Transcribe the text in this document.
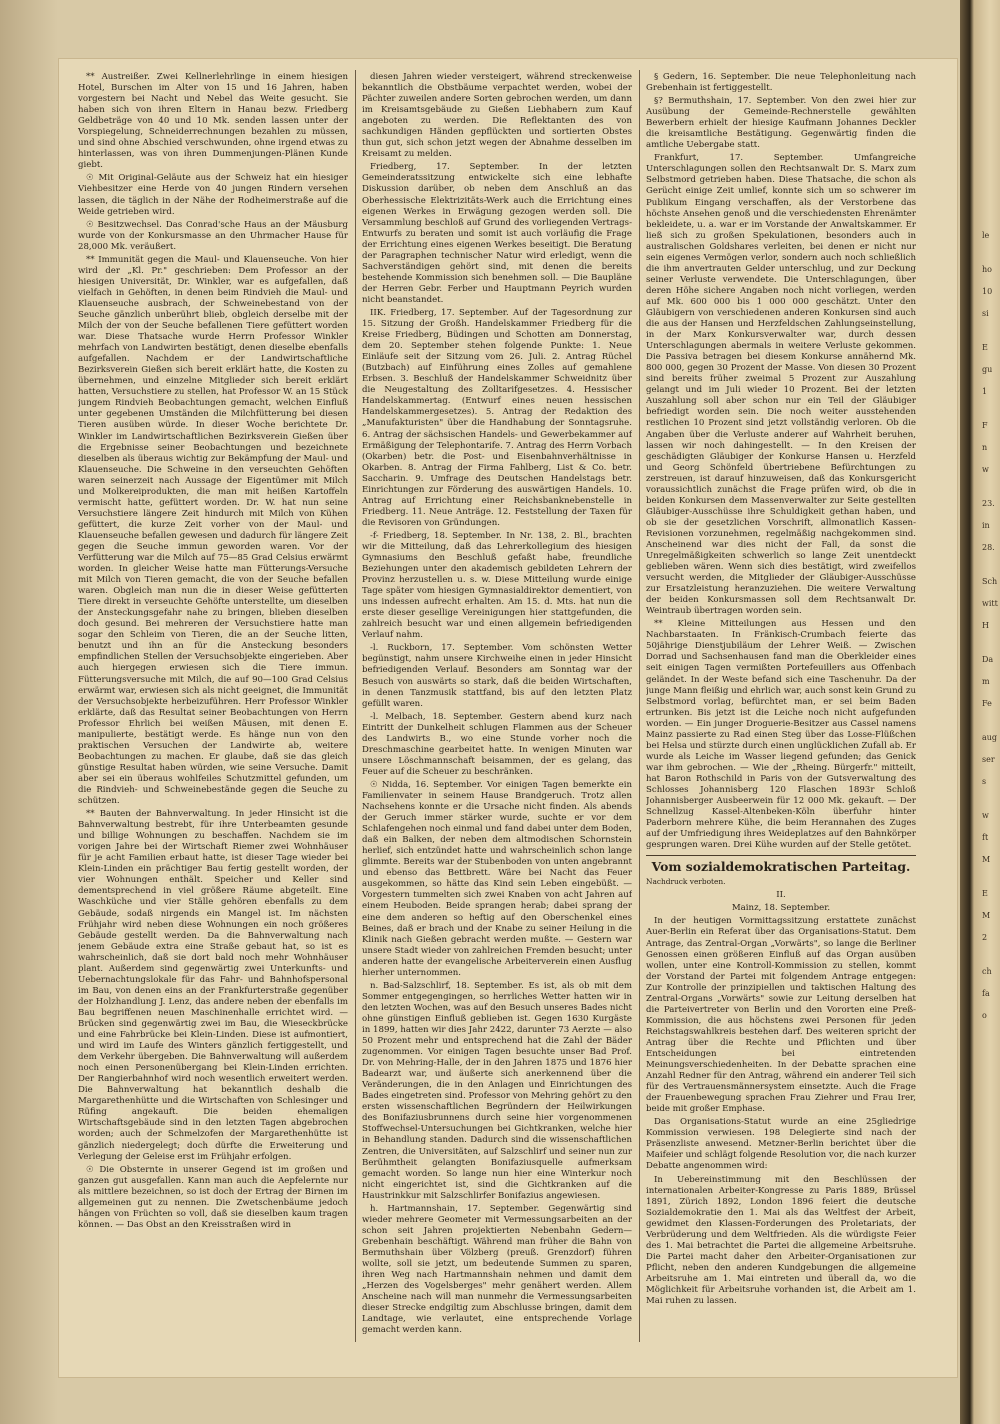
** Austreißer. Zwei Kellnerlehrlinge in einem hiesigen Hotel, Burschen im Alter von 15 und 16 Jahren, haben vorgestern bei Nacht und Nebel das Weite gesucht. Sie haben sich von ihren Eltern in Hanau bezw. Friedberg Geldbeträge von 40 und 10 Mk. senden lassen unter der Vorspiegelung, Schneiderrechnungen bezahlen zu müssen, und sind ohne Abschied verschwunden, ohne irgend etwas zu hinterlassen, was von ihren Dummenjungen-Plänen Kunde giebt.

☉ Mit Original-Geläute aus der Schweiz hat ein hiesiger Viehbesitzer eine Herde von 40 jungen Rindern versehen lassen, die täglich in der Nähe der Rodheimerstraße auf die Weide getrieben wird.

☉ Besitzwechsel. Das Conrad'sche Haus an der Mäusburg wurde von der Konkursmasse an den Uhrmacher Hause für 28,000 Mk. veräußert.

** Immunität gegen die Maul- und Klauenseuche. Von hier wird der „Kl. Pr." geschrieben: Dem Professor an der hiesigen Universität, Dr. Winkler, war es aufgefallen, daß vielfach in Gehöften, in denen beim Rindvieh die Maul- und Klauenseuche ausbrach, der Schweinebestand von der Seuche gänzlich unberührt blieb, obgleich derselbe mit der Milch der von der Seuche befallenen Tiere gefüttert worden war. Diese Thatsache wurde Herrn Professor Winkler mehrfach von Landwirten bestätigt, denen dieselbe ebenfalls aufgefallen. Nachdem er der Landwirtschaftliche Bezirksverein Gießen sich bereit erklärt hatte, die Kosten zu übernehmen, und einzelne Mitglieder sich bereit erklärt hatten, Versuchstiere zu stellen, hat Professor W. an 15 Stück jungem Rindvieh Beobachtungen gemacht, welchen Einfluß unter gegebenen Umständen die Milchfütterung bei diesen Tieren ausüben würde. In dieser Woche berichtete Dr. Winkler im Landwirtschaftlichen Bezirksverein Gießen über die Ergebnisse seiner Beobachtungen und bezeichnete dieselben als überaus wichtig zur Bekämpfung der Maul- und Klauenseuche. Die Schweine in den verseuchten Gehöften waren seinerzeit nach Aussage der Eigentümer mit Milch und Molkereiprodukten, die man mit heißen Kartoffeln vermischt hatte, gefüttert worden. Dr. W. hat nun seine Versuchstiere längere Zeit hindurch mit Milch von Kühen gefüttert, die kurze Zeit vorher von der Maul- und Klauenseuche befallen gewesen und dadurch für längere Zeit gegen die Seuche immun geworden waren. Vor der Verfütterung war die Milch auf 75—85 Grad Celsius erwärmt worden. In gleicher Weise hatte man Fütterungs-Versuche mit Milch von Tieren gemacht, die von der Seuche befallen waren. Obgleich man nun die in dieser Weise gefütterten Tiere direkt in verseuchte Gehöfte unterstellte, um dieselben der Ansteckungsgefahr nahe zu bringen, blieben dieselben doch gesund. Bei mehreren der Versuchstiere hatte man sogar den Schleim von Tieren, die an der Seuche litten, benutzt und ihn an für die Ansteckung besonders empfindlichen Stellen der Versuchsobjekte eingerieben. Aber auch hiergegen erwiesen sich die Tiere immun. Fütterungsversuche mit Milch, die auf 90—100 Grad Celsius erwärmt war, erwiesen sich als nicht geeignet, die Immunität der Versuchsobjekte herbeizuführen. Herr Professor Winkler erklärte, daß das Resultat seiner Beobachtungen von Herrn Professor Ehrlich bei weißen Mäusen, mit denen E. manipulierte, bestätigt werde. Es hänge nun von den praktischen Versuchen der Landwirte ab, weitere Beobachtungen zu machen. Er glaube, daß sie das gleich günstige Resultat haben würden, wie seine Versuche. Damit aber sei ein überaus wohlfeiles Schutzmittel gefunden, um die Rindvieh- und Schweinebestände gegen die Seuche zu schützen.

** Bauten der Bahnverwaltung. In jeder Hinsicht ist die Bahnverwaltung bestrebt, für ihre Unterbeamten gesunde und billige Wohnungen zu beschaffen. Nachdem sie im vorigen Jahre bei der Wirtschaft Riemer zwei Wohnhäuser für je acht Familien erbaut hatte, ist dieser Tage wieder bei Klein-Linden ein prächtiger Bau fertig gestellt worden, der vier Wohnungen enthält. Speicher und Keller sind dementsprechend in viel größere Räume abgeteilt. Eine Waschküche und vier Ställe gehören ebenfalls zu dem Gebäude, sodaß nirgends ein Mangel ist. Im nächsten Frühjahr wird neben diese Wohnungen ein noch größeres Gebäude gestellt werden. Da die Bahnverwaltung nach jenem Gebäude extra eine Straße gebaut hat, so ist es wahrscheinlich, daß sie dort bald noch mehr Wohnhäuser plant. Außerdem sind gegenwärtig zwei Unterkunfts- und Uebernachtungslokale für das Fahr- und Bahnhofspersonal im Bau, von denen eins an der Frankfurterstraße gegenüber der Holzhandlung J. Lenz, das andere neben der ebenfalls im Bau begriffenen neuen Maschinenhalle errichtet wird. — Brücken sind gegenwärtig zwei im Bau, die Wieseckbrücke und eine Fahrbrücke bei Klein-Linden. Diese ist aufmontiert, und wird im Laufe des Winters gänzlich fertiggestellt, und dem Verkehr übergeben. Die Bahnverwaltung will außerdem noch einen Personenübergang bei Klein-Linden errichten. Der Rangierbahnhof wird noch wesentlich erweitert werden. Die Bahnverwaltung hat bekanntlich deshalb die Margarethenhütte und die Wirtschaften von Schlesinger und Rüfing angekauft. Die beiden ehemaligen Wirtschaftsgebäude sind in den letzten Tagen abgebrochen worden; auch der Schmelzofen der Margarethenhütte ist gänzlich niedergelegt; doch dürfte die Erweiterung und Verlegung der Geleise erst im Frühjahr erfolgen.

☉ Die Obsternte in unserer Gegend ist im großen und ganzen gut ausgefallen. Kann man auch die Aepfelernte nur als mittlere bezeichnen, so ist doch der Ertrag der Birnen im allgemeinen gut zu nennen. Die Zwetschenbäume jedoch hängen von Früchten so voll, daß sie dieselben kaum tragen können. — Das Obst an den Kreisstraßen wird in

diesen Jahren wieder versteigert, während streckenweise bekanntlich die Obstbäume verpachtet werden, wobei der Pächter zuweilen andere Sorten gebrochen werden, um dann im Kreisamtsgebäude zu Gießen Liebhabern zum Kauf angeboten zu werden. Die Reflektanten des von sachkundigen Händen gepflückten und sortierten Obstes thun gut, sich schon jetzt wegen der Abnahme desselben im Kreisamt zu melden.

Friedberg, 17. September. In der letzten Gemeinderatssitzung entwickelte sich eine lebhafte Diskussion darüber, ob neben dem Anschluß an das Oberhessische Elektrizitäts-Werk auch die Errichtung eines eigenen Werkes in Erwägung gezogen werden soll. Die Versammlung beschloß auf Grund des vorliegenden Vertrags-Entwurfs zu beraten und somit ist auch vorläufig die Frage der Errichtung eines eigenen Werkes beseitigt. Die Beratung der Paragraphen technischer Natur wird erledigt, wenn die Sachverständigen gehört sind, mit denen die bereits bestehende Kommission sich benehmen soll. — Die Baupläne der Herren Gebr. Ferber und Hauptmann Peyrich wurden nicht beanstandet.

IIK. Friedberg, 17. September. Auf der Tagesordnung zur 15. Sitzung der Großh. Handelskammer Friedberg für die Kreise Friedberg, Büdingen und Schotten am Donnerstag, dem 20. September stehen folgende Punkte: 1. Neue Einläufe seit der Sitzung vom 26. Juli. 2. Antrag Rüchel (Butzbach) auf Einführung eines Zolles auf gemahlene Erbsen. 3. Beschluß der Handelskammer Schweidnitz über die Neugestaltung des Zolltarifgesetzes. 4. Hessischer Handelskammertag. (Entwurf eines neuen hessischen Handelskammergesetzes). 5. Antrag der Redaktion des „Manufakturisten" über die Handhabung der Sonntagsruhe. 6. Antrag der sächsischen Handels- und Gewerbekammer auf Ermäßigung der Telephontarife. 7. Antrag des Herrn Vorbach (Okarben) betr. die Post- und Eisenbahnverhältnisse in Okarben. 8. Antrag der Firma Fahlberg, List & Co. betr. Saccharin. 9. Umfrage des Deutschen Handelstags betr. Einrichtungen zur Förderung des auswärtigen Handels. 10. Antrag auf Errichtung einer Reichsbanknebenstelle in Friedberg. 11. Neue Anträge. 12. Feststellung der Taxen für die Revisoren von Gründungen.

-f- Friedberg, 18. September. In Nr. 138, 2. Bl., brachten wir die Mitteilung, daß das Lehrerkollegium des hiesigen Gymnasiums den Beschluß gefaßt habe, freundliche Beziehungen unter den akademisch gebildeten Lehrern der Provinz herzustellen u. s. w. Diese Mitteilung wurde einige Tage später vom hiesigen Gymnasialdirektor dementiert, von uns indessen aufrecht erhalten. Am 15. d. Mts. hat nun die erste dieser gesellige Vereinigungen hier stattgefunden, die zahlreich besucht war und einen allgemein befriedigenden Verlauf nahm.

-l. Ruckborn, 17. September. Vom schönsten Wetter begünstigt, nahm unsere Kirchweihe einen in jeder Hinsicht befriedigenden Verlauf. Besonders am Sonntag war der Besuch von auswärts so stark, daß die beiden Wirtschaften, in denen Tanzmusik stattfand, bis auf den letzten Platz gefüllt waren.

-l. Melbach, 18. September. Gestern abend kurz nach Eintritt der Dunkelheit schlugen Flammen aus der Scheuer des Landwirts B., wo eine Stunde vorher noch die Dreschmaschine gearbeitet hatte. In wenigen Minuten war unsere Löschmannschaft beisammen, der es gelang, das Feuer auf die Scheuer zu beschränken.

☉ Nidda, 16. September. Vor einigen Tagen bemerkte ein Familienvater in seinem Hause Brandgeruch. Trotz allen Nachsehens konnte er die Ursache nicht finden. Als abends der Geruch immer stärker wurde, suchte er vor dem Schlafengehen noch einmal und fand dabei unter dem Boden, daß ein Balken, der neben dem altmodischen Schornstein herlief, sich entzündet hatte und wahrscheinlich schon lange glimmte. Bereits war der Stubenboden von unten angebrannt und ebenso das Bettbrett. Wäre bei Nacht das Feuer ausgekommen, so hätte das Kind sein Leben eingebüßt. — Vorgestern tummelten sich zwei Knaben von acht Jahren auf einem Heuboden. Beide sprangen herab; dabei sprang der eine dem anderen so heftig auf den Oberschenkel eines Beines, daß er brach und der Knabe zu seiner Heilung in die Klinik nach Gießen gebracht werden mußte. — Gestern war unsere Stadt wieder von zahlreichen Fremden besucht; unter anderen hatte der evangelische Arbeiterverein einen Ausflug hierher unternommen.

n. Bad-Salzschlirf, 18. September. Es ist, als ob mit dem Sommer entgegengingen, so herrliches Wetter hatten wir in den letzten Wochen, was auf den Besuch unseres Bades nicht ohne günstigen Einfluß geblieben ist. Gegen 1630 Kurgäste in 1899, hatten wir dies Jahr 2422, darunter 73 Aerzte — also 50 Prozent mehr und entsprechend hat die Zahl der Bäder zugenommen. Vor einigen Tagen besuchte unser Bad Prof. Dr. von Mehring-Halle, der in den Jahren 1875 und 1876 hier Badearzt war, und äußerte sich anerkennend über die Veränderungen, die in den Anlagen und Einrichtungen des Bades eingetreten sind. Professor von Mehring gehört zu den ersten wissenschaftlichen Begründern der Heilwirkungen des Bonifaziusbrunnens durch seine hier vorgenommenen Stoffwechsel-Untersuchungen bei Gichtkranken, welche hier in Behandlung standen. Dadurch sind die wissenschaftlichen Zentren, die Universitäten, auf Salzschlirf und seiner nun zur Berühmtheit gelangten Bonifaziusquelle aufmerksam gemacht worden. So lange nun hier eine Winterkur noch nicht eingerichtet ist, sind die Gichtkranken auf die Haustrinkkur mit Salzschlirfer Bonifazius angewiesen.

h. Hartmannshain, 17. September. Gegenwärtig sind wieder mehrere Geometer mit Vermessungsarbeiten an der schon seit Jahren projektierten Nebenbahn Gedern—Grebenhain beschäftigt. Während man früher die Bahn von Bermuthshain über Völzberg (preuß. Grenzdorf) führen wollte, soll sie jetzt, um bedeutende Summen zu sparen, ihren Weg nach Hartmannshain nehmen und damit dem „Herzen des Vogelsberges" mehr genähert werden. Allem Anscheine nach will man nunmehr die Vermessungsarbeiten dieser Strecke endgiltig zum Abschlusse bringen, damit dem Landtage, wie verlautet, eine entsprechende Vorlage gemacht werden kann.

§ Gedern, 16. September. Die neue Telephonleitung nach Grebenhain ist fertiggestellt.

§? Bermuthshain, 17. September. Von den zwei hier zur Ausübung der Gemeinde-Rechnerstelle gewählten Bewerbern erhielt der hiesige Kaufmann Johannes Deckler die kreisamtliche Bestätigung. Gegenwärtig finden die amtliche Uebergabe statt.

Frankfurt, 17. September. Umfangreiche Unterschlagungen sollen den Rechtsanwalt Dr. S. Marx zum Selbstmord getrieben haben. Diese Thatsache, die schon als Gerücht einige Zeit umlief, konnte sich um so schwerer im Publikum Eingang verschaffen, als der Verstorbene das höchste Ansehen genoß und die verschiedensten Ehrenämter bekleidete, u. a. war er im Vorstande der Anwaltskammer. Er ließ sich zu großen Spekulationen, besonders auch in australischen Goldshares verleiten, bei denen er nicht nur sein eigenes Vermögen verlor, sondern auch noch schließlich die ihm anvertrauten Gelder unterschlug, und zur Deckung seiner Verluste verwendete. Die Unterschlagungen, über deren Höhe sichere Angaben noch nicht vorliegen, werden auf Mk. 600 000 bis 1 000 000 geschätzt. Unter den Gläubigern von verschiedenen anderen Konkursen sind auch die aus der Hansen und Herzfeldschen Zahlungseinstellung, in der Marx Konkursverwalter war, durch dessen Unterschlagungen abermals in weitere Verluste gekommen. Die Passiva betragen bei diesem Konkurse annähernd Mk. 800 000, gegen 30 Prozent der Masse. Von diesen 30 Prozent sind bereits früher zweimal 5 Prozent zur Auszahlung gelangt und im Juli wieder 10 Prozent. Bei der letzten Auszahlung soll aber schon nur ein Teil der Gläubiger befriedigt worden sein. Die noch weiter ausstehenden restlichen 10 Prozent sind jetzt vollständig verloren. Ob die Angaben über die Verluste anderer auf Wahrheit beruhen, lassen wir noch dahingestellt. — In den Kreisen der geschädigten Gläubiger der Konkurse Hansen u. Herzfeld und Georg Schönfeld übertriebene Befürchtungen zu zerstreuen, ist darauf hinzuweisen, daß das Konkursgericht voraussichtlich zunächst die Frage prüfen wird, ob die in beiden Konkursen dem Massenverwalter zur Seite gestellten Gläubiger-Ausschüsse ihre Schuldigkeit gethan haben, und ob sie der gesetzlichen Vorschrift, allmonatlich Kassen-Revisionen vorzunehmen, regelmäßig nachgekommen sind. Anscheinend war dies nicht der Fall, da sonst die Unregelmäßigkeiten schwerlich so lange Zeit unentdeckt geblieben wären. Wenn sich dies bestätigt, wird zweifellos versucht werden, die Mitglieder der Gläubiger-Ausschüsse zur Ersatzleistung heranzuziehen. Die weitere Verwaltung der beiden Konkursmassen soll dem Rechtsanwalt Dr. Weintraub übertragen worden sein.

** Kleine Mitteilungen aus Hessen und den Nachbarstaaten. In Fränkisch-Crumbach feierte das 50jährige Dienstjubiläum der Lehrer Weiß. — Zwischen Dorrad und Sachsenhausen fand man die Oberkleider eines seit einigen Tagen vermißten Portefeuillers aus Offenbach geländet. In der Weste befand sich eine Taschenuhr. Da der junge Mann fleißig und ehrlich war, auch sonst kein Grund zu Selbstmord vorlag, befürchtet man, er sei beim Baden ertrunken. Bis jetzt ist die Leiche noch nicht aufgefunden worden. — Ein junger Droguerie-Besitzer aus Cassel namens Mainz passierte zu Rad einen Steg über das Losse-Flüßchen bei Helsa und stürzte durch einen unglücklichen Zufall ab. Er wurde als Leiche im Wasser liegend gefunden; das Genick war ihm gebrochen. — Wie der „Rheing. Bürgerfr." mitteilt, hat Baron Rothschild in Paris von der Gutsverwaltung des Schlosses Johannisberg 120 Flaschen 1893r Schloß Johannisberger Ausbeerwein für 12 000 Mk. gekauft. — Der Schnellzug Kassel-Altenbeken-Köln überfuhr hinter Paderborn mehrere Kühe, die beim Herannahen des Zuges auf der Umfriedigung ihres Weideplatzes auf den Bahnkörper gesprungen waren. Drei Kühe wurden auf der Stelle getötet.

Vom sozialdemokratischen Parteitag.

Nachdruck verboten.

II.

Mainz, 18. September.

In der heutigen Vormittagssitzung erstattete zunächst Auer-Berlin ein Referat über das Organisations-Statut. Dem Antrage, das Zentral-Organ „Vorwärts", so lange die Berliner Genossen einen größeren Einfluß auf das Organ ausüben wollen, unter eine Kontroll-Kommission zu stellen, kommt der Vorstand der Partei mit folgendem Antrage entgegen: Zur Kontrolle der prinzipiellen und taktischen Haltung des Zentral-Organs „Vorwärts" sowie zur Leitung derselben hat die Parteivertreter von Berlin und den Vororten eine Preß-Kommission, die aus höchstens zwei Personen für jeden Reichstagswahlkreis bestehen darf. Des weiteren spricht der Antrag über die Rechte und Pflichten und über Entscheidungen bei eintretenden Meinungsverschiedenheiten. In der Debatte sprachen eine Anzahl Redner für den Antrag, während ein anderer Teil sich für des Vertrauensmännersystem einsetzte. Auch die Frage der Frauenbewegung sprachen Frau Ziehrer und Frau Irer, beide mit großer Emphase.

Das Organisations-Statut wurde an eine 25gliedrige Kommission verwiesen. 198 Delegierte sind nach der Präsenzliste anwesend. Metzner-Berlin berichtet über die Maifeier und schlägt folgende Resolution vor, die nach kurzer Debatte angenommen wird:

In Uebereinstimmung mit den Beschlüssen der internationalen Arbeiter-Kongresse zu Paris 1889, Brüssel 1891, Zürich 1892, London 1896 feiert die deutsche Sozialdemokratie den 1. Mai als das Weltfest der Arbeit, gewidmet den Klassen-Forderungen des Proletariats, der Verbrüderung und dem Weltfrieden. Als die würdigste Feier des 1. Mai betrachtet die Partei die allgemeine Arbeitsruhe. Die Partei macht daher den Arbeiter-Organisationen zur Pflicht, neben den anderen Kundgebungen die allgemeine Arbeitsruhe am 1. Mai eintreten und überall da, wo die Möglichkeit für Arbeitsruhe vorhanden ist, die Arbeit am 1. Mai ruhen zu lassen.

le
ho
10
si
E
gu
1
F
n
w
23.
in
28.
Sch
witt
H
Da
m
Fe
aug
ser
s
w
ft
M
E
M
2
ch
fa
o
